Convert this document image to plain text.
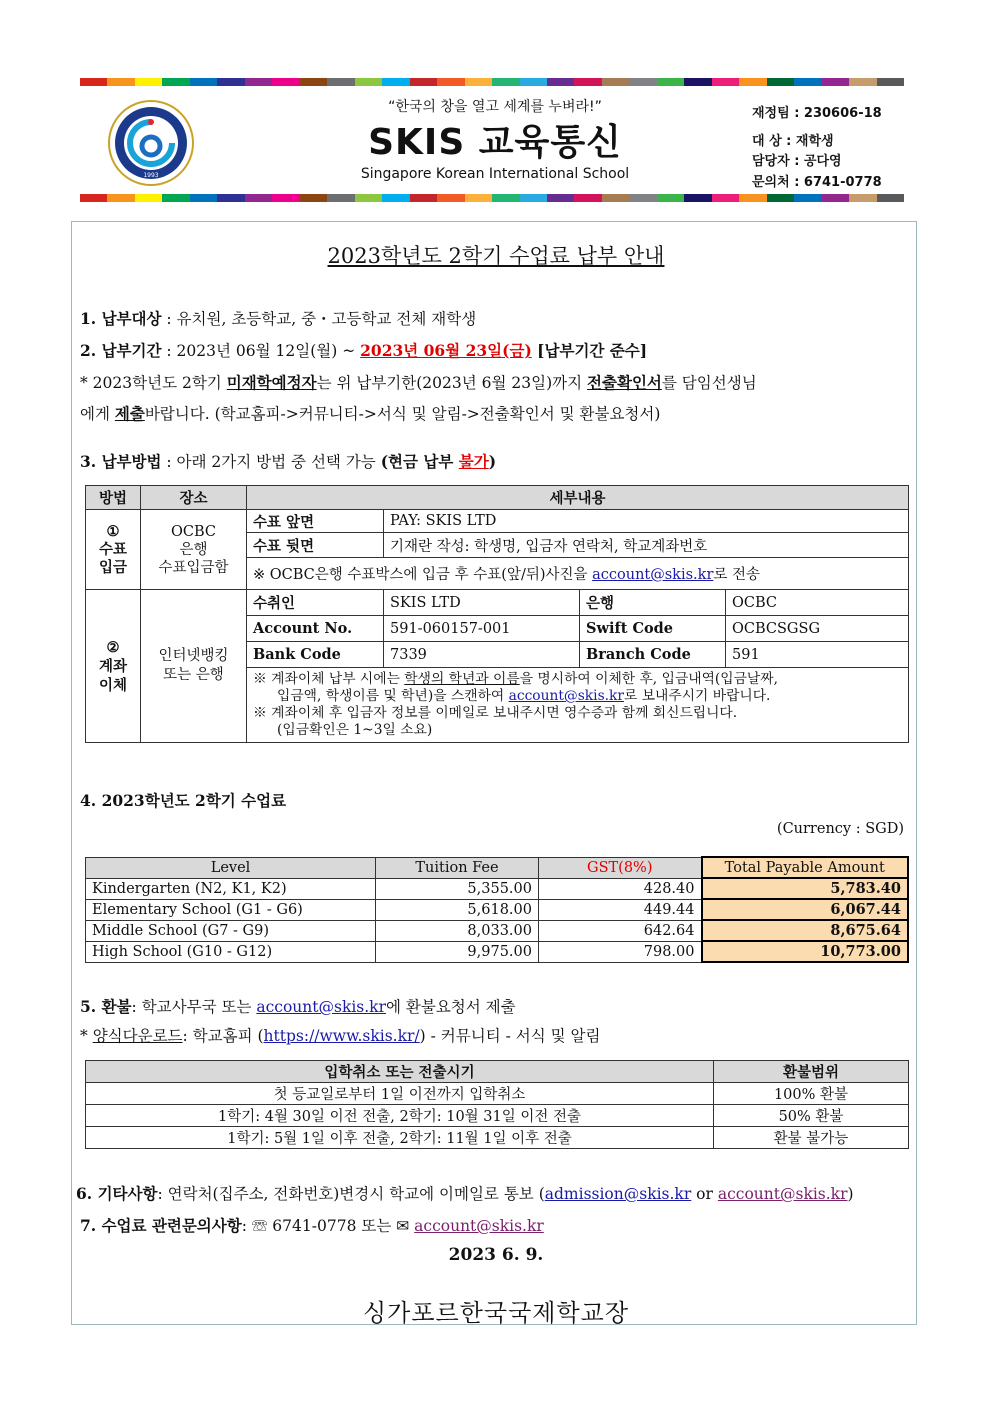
1993
“한국의 창을 열고 세계를 누벼라!”
SKIS 교육통신
Singapore Korean International School
재정팀 : 230606-18
대 상 : 재학생
담당자 : 공다영
문의처 : 6741-0778
2023학년도 2학기 수업료 납부 안내
1. 납부대상 : 유치원, 초등학교, 중・고등학교 전체 재학생
2. 납부기간 : 2023년 06월 12일(월) ~ 2023년 06월 23일(금) [납부기간 준수]
* 2023학년도 2학기 미재학예정자는 위 납부기한(2023년 6월 23일)까지 전출확인서를 담임선생님
에게 제출바랍니다. (학교홈피->커뮤니티->서식 및 알림->전출확인서 및 환불요청서)
3. 납부방법 : 아래 2가지 방법 중 선택 가능 (현금 납부 불가)
방법	장소	세부내용			
①
수표
입금	OCBC
은행
수표입금함	수표 앞면	PAY: SKIS LTD		
		수표 뒷면	기재란 작성: 학생명, 입금자 연락처, 학교계좌번호		
		※ OCBC은행 수표박스에 입금 후 수표(앞/뒤)사진을 account@skis.kr로 전송			
②
계좌
이체	인터넷뱅킹
또는 은행	수취인	SKIS LTD	은행	OCBC
		Account No.	591-060157-001	Swift Code	OCBCSGSG
		Bank Code	7339	Branch Code	591

		※ 계좌이체 납부 시에는 학생의 학년과 이름을 명시하여 이체한 후, 입금내역(입금날짜,
입금액, 학생이름 및 학년)을 스캔하여 account@skis.kr로 보내주시기 바랍니다.
※ 계좌이체 후 입금자 정보를 이메일로 보내주시면 영수증과 함께 회신드립니다.
(입금확인은 1~3일 소요)			
4. 2023학년도 2학기 수업료
(Currency : SGD)
Level	Tuition Fee	GST(8%)	Total Payable Amount
Kindergarten (N2, K1, K2)	5,355.00	428.40	5,783.40
Elementary School (G1 - G6)	5,618.00	449.44	6,067.44
Middle School (G7 - G9)	8,033.00	642.64	8,675.64
High School (G10 - G12)	9,975.00	798.00	10,773.00
5. 환불: 학교사무국 또는 account@skis.kr에 환불요청서 제출
* 양식다운로드: 학교홈피 (https://www.skis.kr/) - 커뮤니티 - 서식 및 알림
입학취소 또는 전출시기	환불범위
첫 등교일로부터 1일 이전까지 입학취소	100% 환불
1학기: 4월 30일 이전 전출, 2학기: 10월 31일 이전 전출	50% 환불
1학기: 5월 1일 이후 전출, 2학기: 11월 1일 이후 전출	환불 불가능
6. 기타사항: 연락처(집주소, 전화번호)변경시 학교에 이메일로 통보 (admission@skis.kr or account@skis.kr)
7. 수업료 관련문의사항: ☏ 6741-0778 또는 ✉ account@skis.kr
2023 6. 9.
싱가포르한국국제학교장
